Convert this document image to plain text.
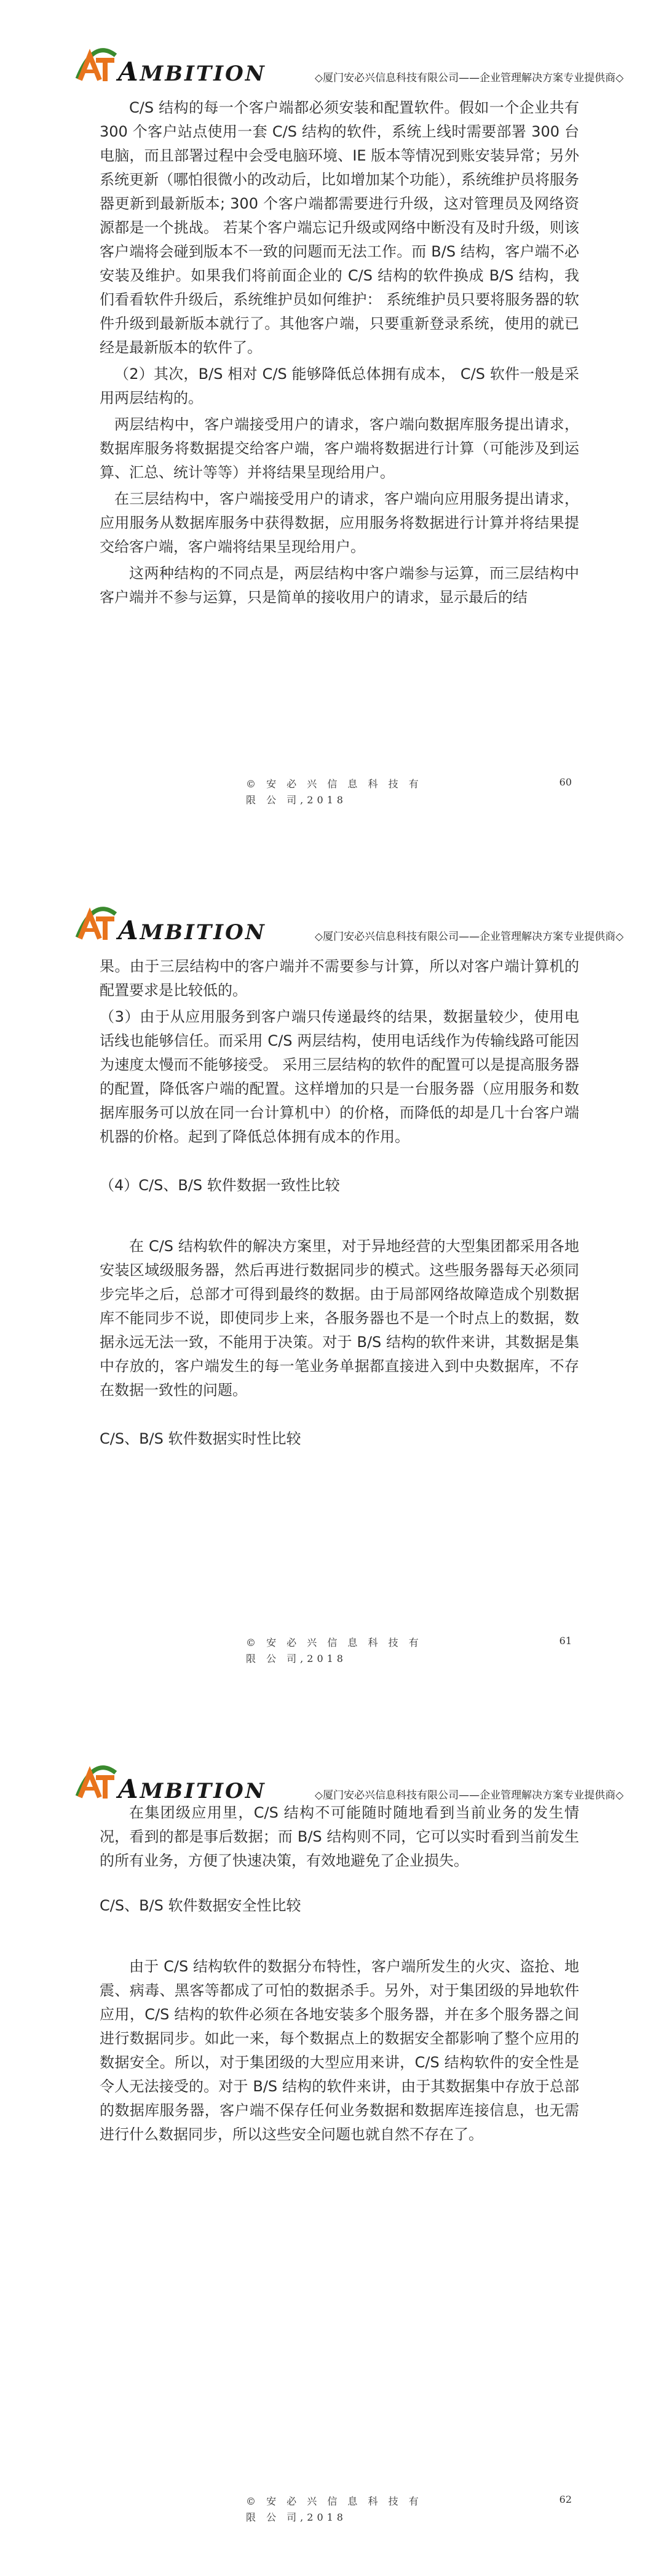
AMBITION	◇厦门安必兴信息科技有限公司——企业管理解决方案专业提供商◇

C/S 结构的每一个客户端都必须安装和配置软件。假如一个企业共有 300 个客户站点使用一套 C/S 结构的软件，系统上线时需要部署 300 台电脑，而且部署过程中会受电脑环境、IE 版本等情况到账安装异常；另外系统更新（哪怕很微小的改动后，比如增加某个功能），系统维护员将服务器更新到最新版本; 300 个客户端都需要进行升级，这对管理员及网络资源都是一个挑战。 若某个客户端忘记升级或网络中断没有及时升级，则该客户端将会碰到版本不一致的问题而无法工作。而 B/S 结构，客户端不必安装及维护。如果我们将前面企业的 C/S 结构的软件换成 B/S 结构，我们看看软件升级后，系统维护员如何维护： 系统维护员只要将服务器的软件升级到最新版本就行了。其他客户端，只要重新登录系统，使用的就已经是最新版本的软件了。

（2）其次，B/S 相对 C/S 能够降低总体拥有成本， C/S 软件一般是采用两层结构的。

两层结构中，客户端接受用户的请求，客户端向数据库服务提出请求，数据库服务将数据提交给客户端，客户端将数据进行计算（可能涉及到运算、汇总、统计等等）并将结果呈现给用户。

在三层结构中，客户端接受用户的请求，客户端向应用服务提出请求，应用服务从数据库服务中获得数据，应用服务将数据进行计算并将结果提交给客户端，客户端将结果呈现给用户。

这两种结构的不同点是，两层结构中客户端参与运算，而三层结构中客户端并不参与运算，只是简单的接收用户的请求，显示最后的结

© 安 必 兴 信 息 科 技 有 限 公 司,2018
60
AMBITION	◇厦门安必兴信息科技有限公司——企业管理解决方案专业提供商◇

果。由于三层结构中的客户端并不需要参与计算，所以对客户端计算机的配置要求是比较低的。

（3）由于从应用服务到客户端只传递最终的结果，数据量较少，使用电话线也能够信任。而采用 C/S 两层结构，使用电话线作为传输线路可能因为速度太慢而不能够接受。 采用三层结构的软件的配置可以是提高服务器的配置，降低客户端的配置。这样增加的只是一台服务器（应用服务和数据库服务可以放在同一台计算机中）的价格，而降低的却是几十台客户端机器的价格。起到了降低总体拥有成本的作用。

（4）C/S、B/S 软件数据一致性比较

在 C/S 结构软件的解决方案里，对于异地经营的大型集团都采用各地安装区域级服务器，然后再进行数据同步的模式。这些服务器每天必须同步完毕之后，总部才可得到最终的数据。由于局部网络故障造成个别数据库不能同步不说，即使同步上来，各服务器也不是一个时点上的数据，数据永远无法一致，不能用于决策。对于 B/S 结构的软件来讲，其数据是集中存放的，客户端发生的每一笔业务单据都直接进入到中央数据库，不存在数据一致性的问题。

C/S、B/S 软件数据实时性比较

© 安 必 兴 信 息 科 技 有 限 公 司,2018
61
AMBITION	◇厦门安必兴信息科技有限公司——企业管理解决方案专业提供商◇

在集团级应用里，C/S 结构不可能随时随地看到当前业务的发生情况，看到的都是事后数据；而 B/S 结构则不同，它可以实时看到当前发生的所有业务，方便了快速决策，有效地避免了企业损失。

C/S、B/S 软件数据安全性比较

由于 C/S 结构软件的数据分布特性，客户端所发生的火灾、盗抢、地震、病毒、黑客等都成了可怕的数据杀手。另外，对于集团级的异地软件应用，C/S 结构的软件必须在各地安装多个服务器，并在多个服务器之间进行数据同步。如此一来，每个数据点上的数据安全都影响了整个应用的数据安全。所以，对于集团级的大型应用来讲，C/S 结构软件的安全性是令人无法接受的。对于 B/S 结构的软件来讲，由于其数据集中存放于总部的数据库服务器，客户端不保存任何业务数据和数据库连接信息，也无需进行什么数据同步，所以这些安全问题也就自然不存在了。

© 安 必 兴 信 息 科 技 有 限 公 司,2018
62
